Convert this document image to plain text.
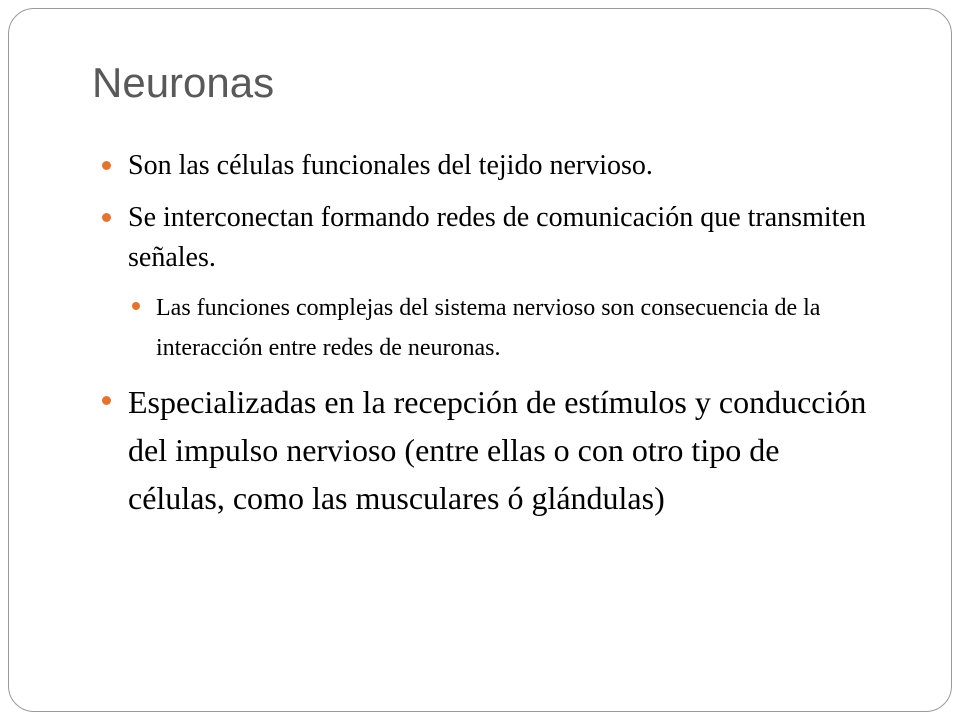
Neuronas
Son las células funcionales del tejido nervioso.
Se interconectan formando redes de comunicación que transmiten señales.
Las funciones complejas del sistema nervioso son consecuencia de la interacción entre redes de neuronas.
Especializadas en la recepción de estímulos y conducción del impulso nervioso (entre ellas o con otro tipo de células, como las musculares ó glándulas)
